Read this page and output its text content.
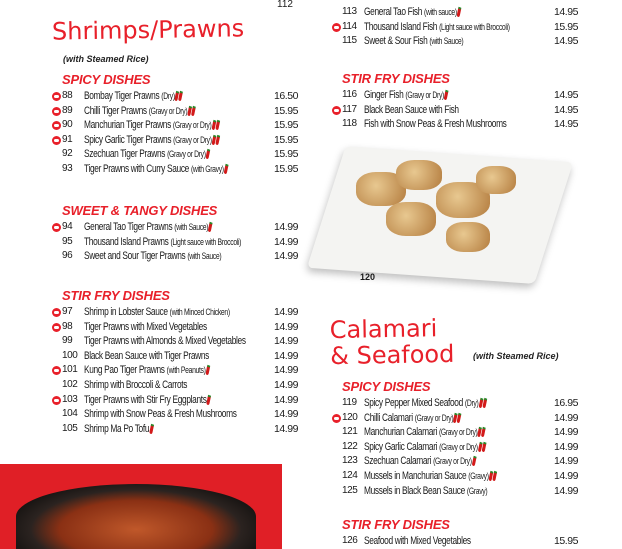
112
Shrimps/Prawns
(with Steamed Rice)
SPICY DISHES
88	Bombay Tiger Prawns (Dry)	16.50
89	Chilli Tiger Prawns (Gravy or Dry)	15.95
90	Manchurian Tiger Prawns (Gravy or Dry)	15.95
91	Spicy Garlic Tiger Prawns (Gravy or Dry)	15.95
92	Szechuan Tiger Prawns (Gravy or Dry)	15.95
93	Tiger Prawns with Curry Sauce (with Gravy)	15.95
SWEET & TANGY DISHES
94	General Tao Tiger Prawns (with Sauce)	14.99
95	Thousand Island Prawns (Light sauce with Broccoli)	14.99
96	Sweet and Sour Tiger Prawns (with Sauce)	14.99
STIR FRY DISHES
97	Shrimp in Lobster Sauce (with Minced Chicken)	14.99
98	Tiger Prawns with Mixed Vegetables	14.99
99	Tiger Prawns with Almonds & Mixed Vegetables	14.99
100 Black Bean Sauce with Tiger Prawns	14.99
101 Kung Pao Tiger Prawns (with Peanuts)	14.99
102 Shrimp with Broccoli & Carrots	14.99
103 Tiger Prawns with Stir Fry Eggplants	14.99
104 Shrimp with Snow Peas & Fresh Mushrooms	14.99
105 Shrimp Ma Po Tofu	14.99
113 General Tao Fish (with sauce)	14.95
114 Thousand Island Fish (Light sauce with Broccoli)	15.95
115 Sweet & Sour Fish (with Sauce)	14.95
STIR FRY DISHES
116 Ginger Fish (Gravy or Dry)	14.95
117 Black Bean Sauce with Fish	14.95
118 Fish with Snow Peas & Fresh Mushrooms	14.95
120
Calamari
& Seafood (with Steamed Rice)
SPICY DISHES
119 Spicy Pepper Mixed Seafood (Dry)	16.95
120 Chilli Calamari (Gravy or Dry)	14.99
121 Manchurian Calamari (Gravy or Dry)	14.99
122 Spicy Garlic Calamari (Gravy or Dry)	14.99
123 Szechuan Calamari (Gravy or Dry)	14.99
124 Mussels in Manchurian Sauce (Gravy)	14.99
125 Mussels in Black Bean Sauce (Gravy)	14.99
STIR FRY DISHES
126 Seafood with Mixed Vegetables	15.95
